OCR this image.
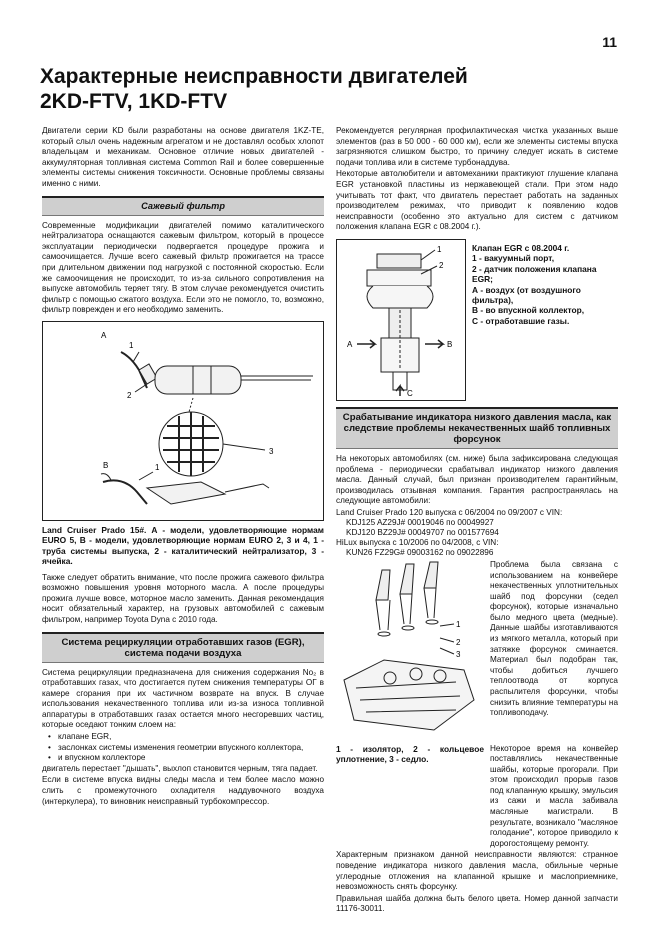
11
Характерные неисправности двигателей
2KD-FTV, 1KD-FTV

Двигатели серии KD были разработаны на основе двигателя 1KZ-TE, который слыл очень надежным агрегатом и не доставлял особых хлопот владельцам и механикам. Основное отличие новых двигателей - аккумуляторная топливная система Common Rail и более совершенные элементы системы снижения токсичности. Основные проблемы связаны именно с ними.

Сажевый фильтр

Современные модификации двигателей помимо каталитического нейтрализатора оснащаются сажевым фильтром, который в процессе эксплуатации периодически подвергается процедуре прожига и самоочищается. Лучше всего сажевый фильтр прожигается на трассе при длительном движении под нагрузкой с постоянной скоростью. Если же самоочищения не происходит, то из-за сильного сопротивления на выпуске автомобиль теряет тягу. В этом случае рекомендуется очистить фильтр с помощью сжатого воздуха. Если это не помогло, то, возможно, фильтр поврежден и его необходимо заменить.

A
1
2
3
B	1

Land Cruiser Prado 15#. А - модели, удовлетворяющие нормам EURO 5, В - модели, удовлетворяющие нормам EURO 2, 3 и 4, 1 - труба системы выпуска, 2 - каталитический нейтрализатор, 3 - ячейка.

Также следует обратить внимание, что после прожига сажевого фильтра возможно повышения уровня моторного масла. А после процедуры прожига лучше вовсе, моторное масло заменить. Данная рекомендация носит обязательный характер, на грузовых автомобилей с сажевым фильтром, например Toyota Dyna с 2010 года.

Система рециркуляции отработавших газов (EGR), система подачи воздуха

Система рециркуляции предназначена для снижения содержания No₂ в отработавших газах, что достигается путем снижения температуры ОГ в камере сгорания при их частичном возврате на впуск. В случае использования некачественного топлива или из-за износа топливной аппаратуры в отработавших газах остается много несгоревших частиц, которые оседают тонким слоем на:

• клапане EGR,
• заслонках системы изменения геометрии впускного коллектора,
• и впускном коллекторе

двигатель перестает "дышать", выхлоп становится черным, тяга падает.

Если в системе впуска видны следы масла и тем более масло можно слить с промежуточного охладителя наддувочного воздуха (интеркулера), то виновник неисправный турбокомпрессор.

Рекомендуется регулярная профилактическая чистка указанных выше элементов (раз в 50 000 - 60 000 км), если же элементы системы впуска загрязняются слишком быстро, то причину следует искать в системе подачи топлива или в системе турбонаддува.

Некоторые автолюбители и автомеханики практикуют глушение клапана EGR установкой пластины из нержавеющей стали. При этом надо учитывать тот факт, что двигатель перестает работать на заданных производителем режимах, что приводит к появлению кодов неисправности (особенно это актуально для систем с датчиком положения клапана EGR с 08.2004 г.).

1
2
A	B
C
Клапан EGR с 08.2004 г.
1 - вакуумный порт,
2 - датчик положения клапана EGR;
А - воздух (от воздушного фильтра),
В - во впускной коллектор,
С - отработавшие газы.
Срабатывание индикатора низкого давления масла, как следствие проблемы некачественных шайб топливных форсунок

На некоторых автомобилях (см. ниже) была зафиксирована следующая проблема - периодически срабатывал индикатор низкого давления масла. Данный случай, был признан производителем гарантийным, производилась отзывная компания. Гарантия распространялась на следующие автомобили:

Land Cruiser Prado 120 выпуска с 06/2004 по 09/2007 с VIN:
KDJ125 AZ29J# 00019046 по 00049927
KDJ120 BZ29J# 00049707 по 001577694
HiLux выпуска с 10/2006 по 04/2008, с VIN:
KUN26 FZ29G# 09003162 по 09022896
1
2
3

Проблема была связана с использованием на конвейере некачественных уплотнительных шайб под форсунки (седел форсунок), которые изначально было медного цвета (медные). Данные шайбы изготавливаются из мягкого металла, который при затяжке форсунок сминается. Материал был подобран так, чтобы добиться лучшего теплоотвода от корпуса распылителя форсунки, чтобы снизить влияние температуры на топливоподачу.

1 - изолятор, 2 - кольцевое уплотнение, 3 - седло.

Некоторое время на конвейер поставлялись некачественные шайбы, которые прогорали. При этом происходил прорыв газов под клапанную крышку, эмульсия из сажи и масла забивала масляные магистрали. В результате, возникало "масляное голодание", которое приводило к дорогостоящему ремонту.

Характерным признаком данной неисправности являются: странное поведение индикатора низкого давления масла, обильные черные углеродные отложения на клапанной крышке и маслоприемнике, невозможность снять форсунку.

Правильная шайба должна быть белого цвета. Номер данной запчасти 11176-30011.
